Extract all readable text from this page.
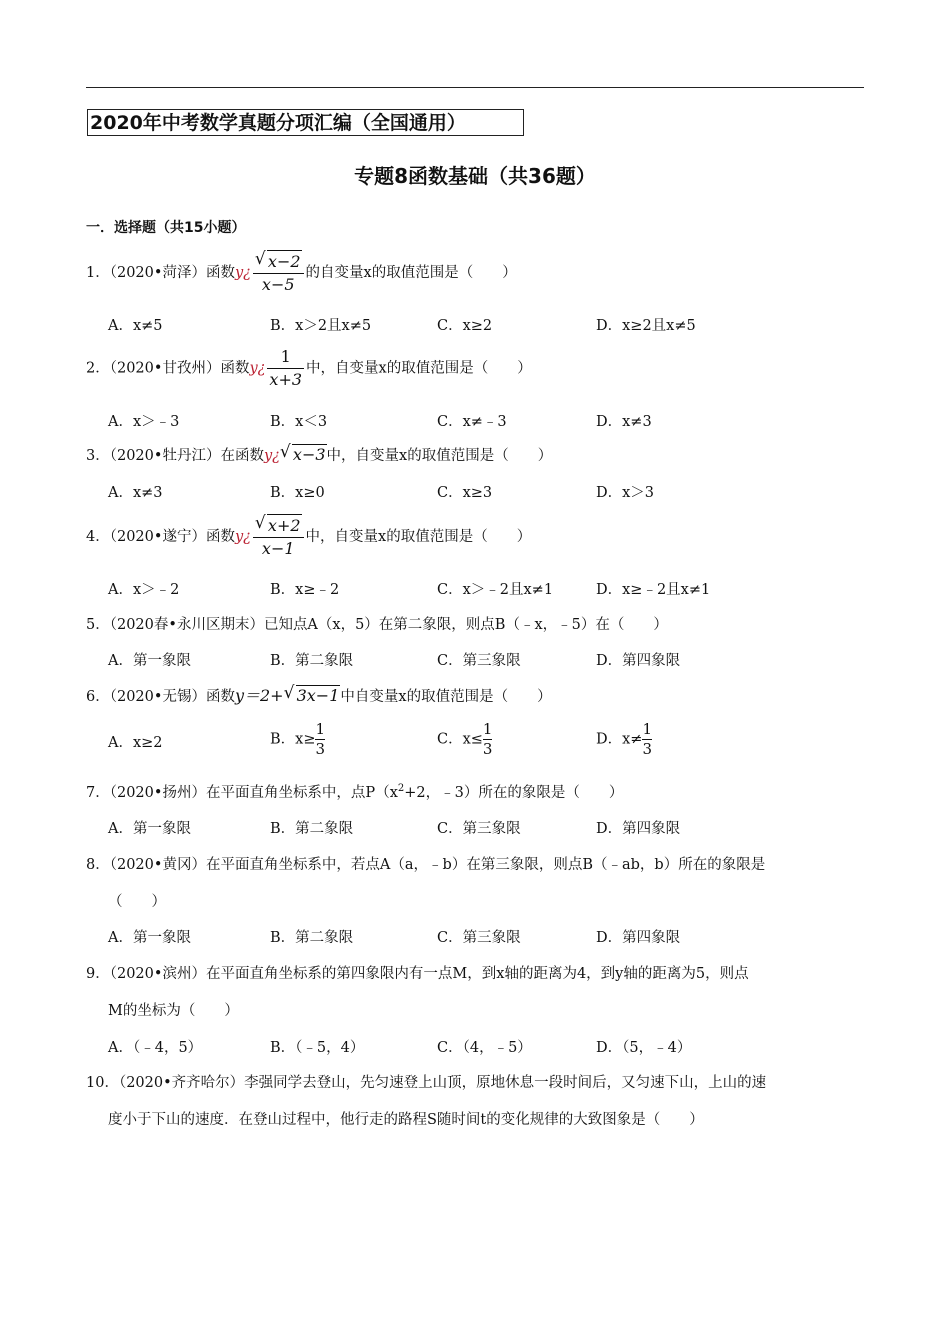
2020年中考数学真题分项汇编（全国通用）
专题8函数基础（共36题）
一．选择题（共15小题）
1．（2020•菏泽）函数y¿ √ $\frac{x-2}{x-5}$ 的自变量x的取值范围是（　　）
A．x≠5	B．x＞2且x≠5	C．x≥2	D．x≥2且x≠5
2．（2020•甘孜州）函数y¿ $\frac{1}{x+3}$ 中，自变量x的取值范围是（　　）
A．x＞﹣3	B．x＜3	C．x≠﹣3	D．x≠3
3．（2020•牡丹江）在函数y¿ √ x−3中，自变量x的取值范围是（　　）
A．x≠3	B．x≥0	C．x≥3	D．x＞3
4．（2020•遂宁）函数y¿ √ $\frac{x+2}{x-1}$ 中，自变量x的取值范围是（　　）
A．x＞﹣2	B．x≥﹣2	C．x＞﹣2且x≠1	D．x≥﹣2且x≠1
5．（2020春•永川区期末）已知点A（x，5）在第二象限，则点B（﹣x，﹣5）在（　　）
A．第一象限	B．第二象限	C．第三象限	D．第四象限
6．（2020•无锡）函数y＝2+ √ 3x−1中自变量x的取值范围是（　　）
A．x≥2	B．$x\ge \frac{1}{3}$	C．$x\le \frac{1}{3}$	D．$x\ne \frac{1}{3}$
7．（2020•扬州）在平面直角坐标系中，点$P(x^2+2$，﹣3）所在的象限是（　　）
A．第一象限	B．第二象限	C．第三象限	D．第四象限
8．（2020•黄冈）在平面直角坐标系中，若点A（a，﹣b）在第三象限，则点B（﹣ab，b）所在的象限是
（　　）
A．第一象限	B．第二象限	C．第三象限	D．第四象限
9．（2020•滨州）在平面直角坐标系的第四象限内有一点M，到x轴的距离为4，到y轴的距离为5，则点
M的坐标为（　　）
A．（﹣4，5）	B．（﹣5，4）	C．（4，﹣5）	D．（5，﹣4）
10．（2020•齐齐哈尔）李强同学去登山，先匀速登上山顶，原地休息一段时间后，又匀速下山，上山的速
度小于下山的速度．在登山过程中，他行走的路程S随时间t的变化规律的大致图象是（　　）
